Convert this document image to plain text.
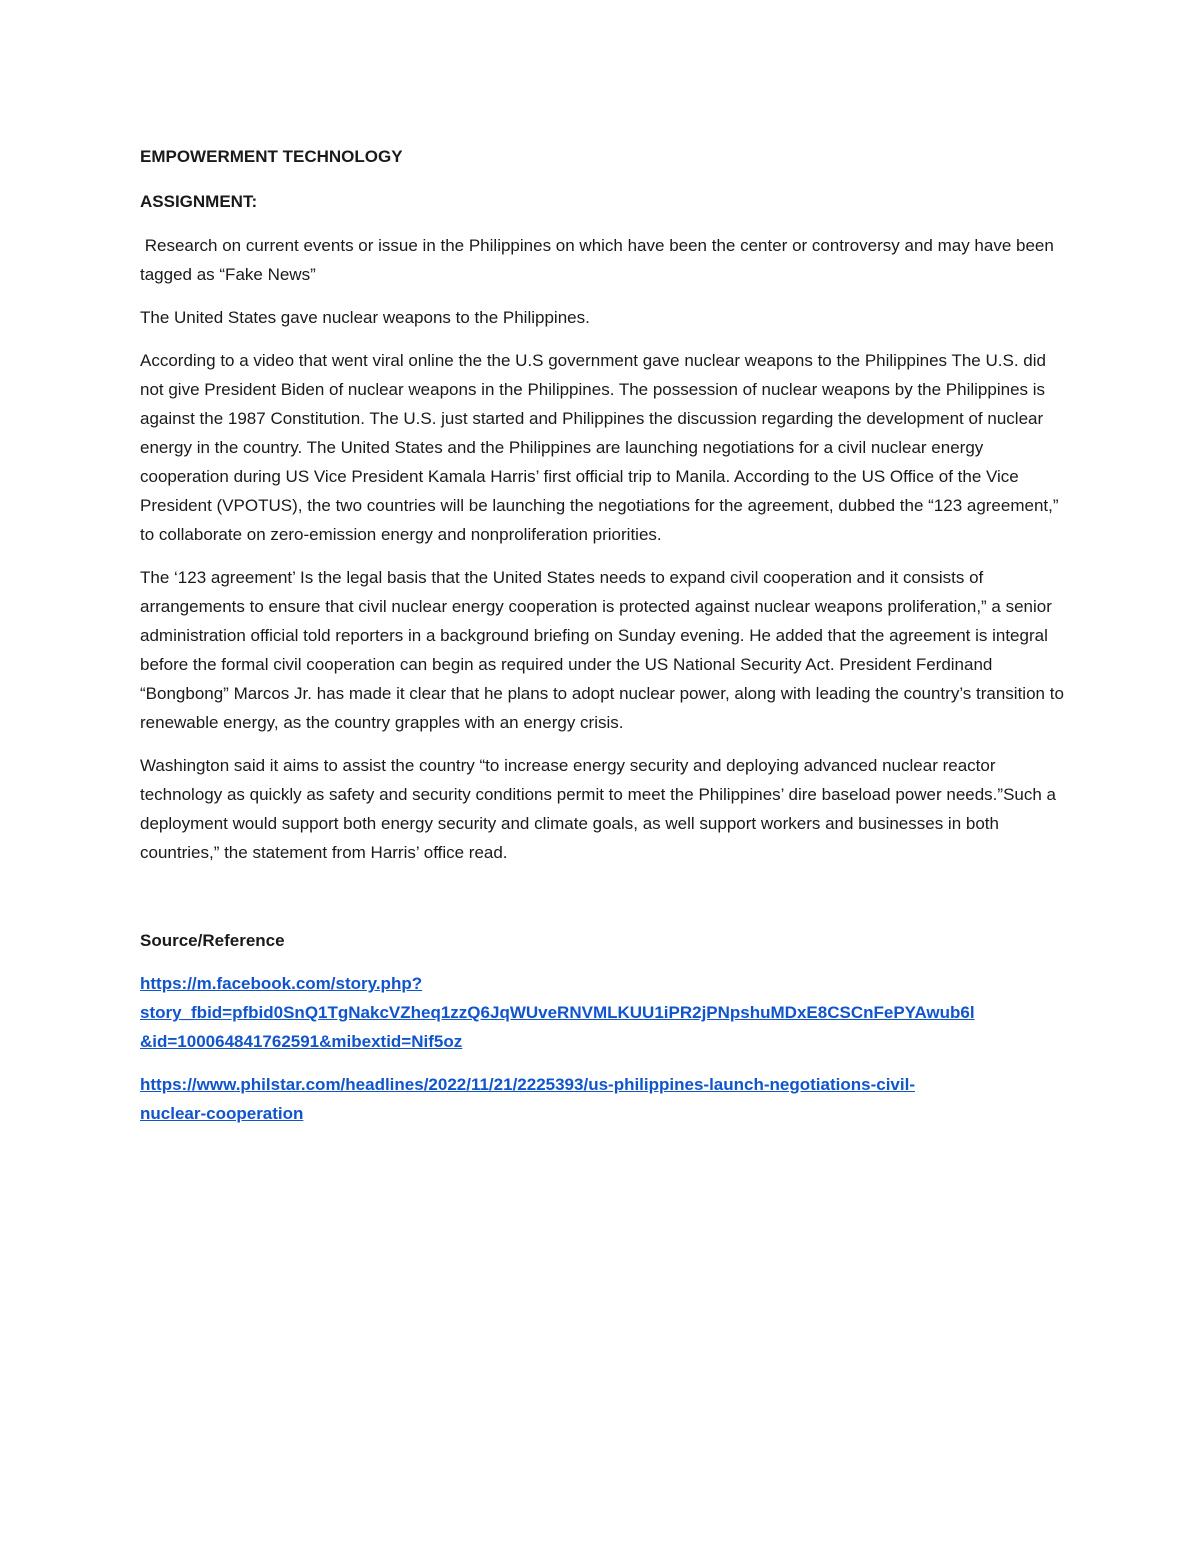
EMPOWERMENT TECHNOLOGY

ASSIGNMENT:

Research on current events or issue in the Philippines on which have been the center or controversy and may have been tagged as “Fake News”

The United States gave nuclear weapons to the Philippines.

According to a video that went viral online the the U.S government gave nuclear weapons to the Philippines The U.S. did not give President Biden of nuclear weapons in the Philippines. The possession of nuclear weapons by the Philippines is against the 1987 Constitution. The U.S. just started and Philippines the discussion regarding the development of nuclear energy in the country. The United States and the Philippines are launching negotiations for a civil nuclear energy cooperation during US Vice President Kamala Harris’ first official trip to Manila. According to the US Office of the Vice President (VPOTUS), the two countries will be launching the negotiations for the agreement, dubbed the “123 agreement,” to collaborate on zero-emission energy and nonproliferation priorities.

The ‘123 agreement’ Is the legal basis that the United States needs to expand civil cooperation and it consists of arrangements to ensure that civil nuclear energy cooperation is protected against nuclear weapons proliferation,” a senior administration official told reporters in a background briefing on Sunday evening. He added that the agreement is integral before the formal civil cooperation can begin as required under the US National Security Act. President Ferdinand “Bongbong” Marcos Jr. has made it clear that he plans to adopt nuclear power, along with leading the country’s transition to renewable energy, as the country grapples with an energy crisis.

Washington said it aims to assist the country “to increase energy security and deploying advanced nuclear reactor technology as quickly as safety and security conditions permit to meet the Philippines’ dire baseload power needs.”Such a deployment would support both energy security and climate goals, as well support workers and businesses in both countries,” the statement from Harris’ office read.

Source/Reference

https://m.facebook.com/story.php?
story_fbid=pfbid0SnQ1TgNakcVZheq1zzQ6JqWUveRNVMLKUU1iPR2jPNpshuMDxE8CSCnFePYAwub6l
&id=100064841762591&mibextid=Nif5oz

https://www.philstar.com/headlines/2022/11/21/2225393/us-philippines-launch-negotiations-civil-
nuclear-cooperation
